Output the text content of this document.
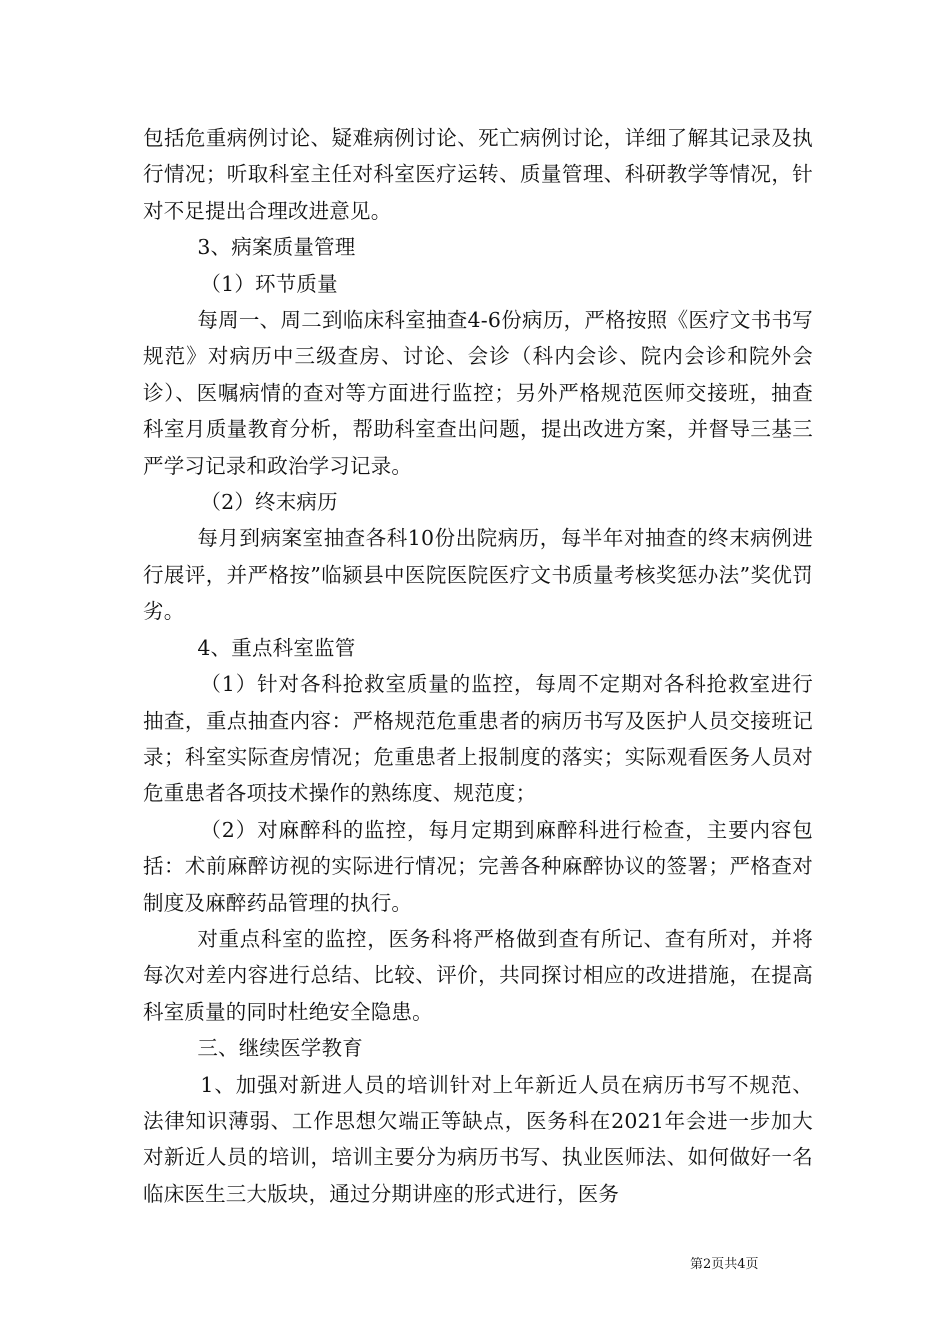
包括危重病例讨论、疑难病例讨论、死亡病例讨论，详细了解其记录及执行情况；听取科室主任对科室医疗运转、质量管理、科研教学等情况，针对不足提出合理改进意见。

3、病案质量管理

（1）环节质量

每周一、周二到临床科室抽查4-6份病历，严格按照《医疗文书书写规范》对病历中三级查房、讨论、会诊（科内会诊、院内会诊和院外会诊）、医嘱病情的查对等方面进行监控；另外严格规范医师交接班，抽查科室月质量教育分析，帮助科室查出问题，提出改进方案，并督导三基三严学习记录和政治学习记录。

（2）终末病历

每月到病案室抽查各科10份出院病历，每半年对抽查的终末病例进行展评，并严格按”临颍县中医院医院医疗文书质量考核奖惩办法”奖优罚劣。

4、重点科室监管

（1）针对各科抢救室质量的监控，每周不定期对各科抢救室进行抽查，重点抽查内容：严格规范危重患者的病历书写及医护人员交接班记录；科室实际查房情况；危重患者上报制度的落实；实际观看医务人员对危重患者各项技术操作的熟练度、规范度；

（2）对麻醉科的监控，每月定期到麻醉科进行检查，主要内容包括：术前麻醉访视的实际进行情况；完善各种麻醉协议的签署；严格查对制度及麻醉药品管理的执行。

对重点科室的监控，医务科将严格做到查有所记、查有所对，并将每次对差内容进行总结、比较、评价，共同探讨相应的改进措施，在提高科室质量的同时杜绝安全隐患。

三、继续医学教育

1、加强对新进人员的培训针对上年新近人员在病历书写不规范、法律知识薄弱、工作思想欠端正等缺点，医务科在2021年会进一步加大对新近人员的培训，培训主要分为病历书写、执业医师法、如何做好一名临床医生三大版块，通过分期讲座的形式进行，医务

第2页共4页
